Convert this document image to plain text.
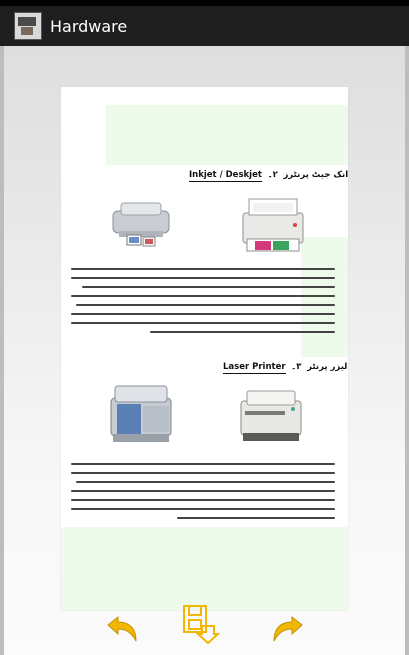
Hardware
Inkjet / Deskjet	انک جیٹ پرنٹرز ۲۔
Laser Printer	لیزر پرنٹر ۳۔
